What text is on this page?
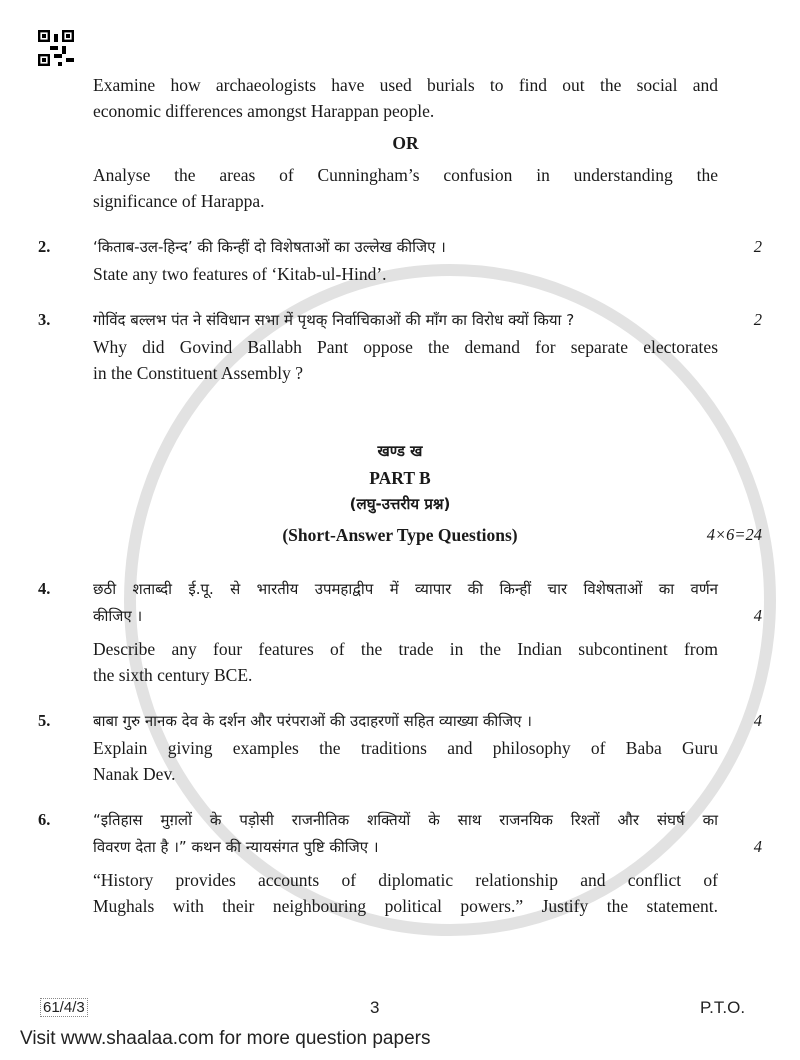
Examine how archaeologists have used burials to find out the social and
economic differences amongst Harappan people.
OR
Analyse the areas of Cunningham’s confusion in understanding the
significance of Harappa.
2.	‘किताब-उल-हिन्द’ की किन्हीं दो विशेषताओं का उल्लेख कीजिए ।
State any two features of ‘Kitab-ul-Hind’.
2
3.	गोविंद बल्लभ पंत ने संविधान सभा में पृथक् निर्वाचिकाओं की माँग का विरोध क्यों किया ?
Why did Govind Ballabh Pant oppose the demand for separate electorates
in the Constituent Assembly ?
2
खण्ड ख
PART B
(लघु-उत्तरीय प्रश्न)
(Short-Answer Type Questions)	4×6=24
4.	छठी शताब्दी ई.पू. से भारतीय उपमहाद्वीप में व्यापार की किन्हीं चार विशेषताओं का वर्णन
कीजिए ।
Describe any four features of the trade in the Indian subcontinent from
the sixth century BCE.
4
5.	बाबा गुरु नानक देव के दर्शन और परंपराओं की उदाहरणों सहित व्याख्या कीजिए ।
Explain giving examples the traditions and philosophy of Baba Guru
Nanak Dev.
4
6.	“इतिहास मुग़लों के पड़ोसी राजनीतिक शक्तियों के साथ राजनयिक रिश्तों और संघर्ष का
विवरण देता है ।” कथन की न्यायसंगत पुष्टि कीजिए ।
“History provides accounts of diplomatic relationship and conflict of
Mughals with their neighbouring political powers.” Justify the statement.
4
61/4/3	3	P.T.O.
Visit www.shaalaa.com for more question papers
